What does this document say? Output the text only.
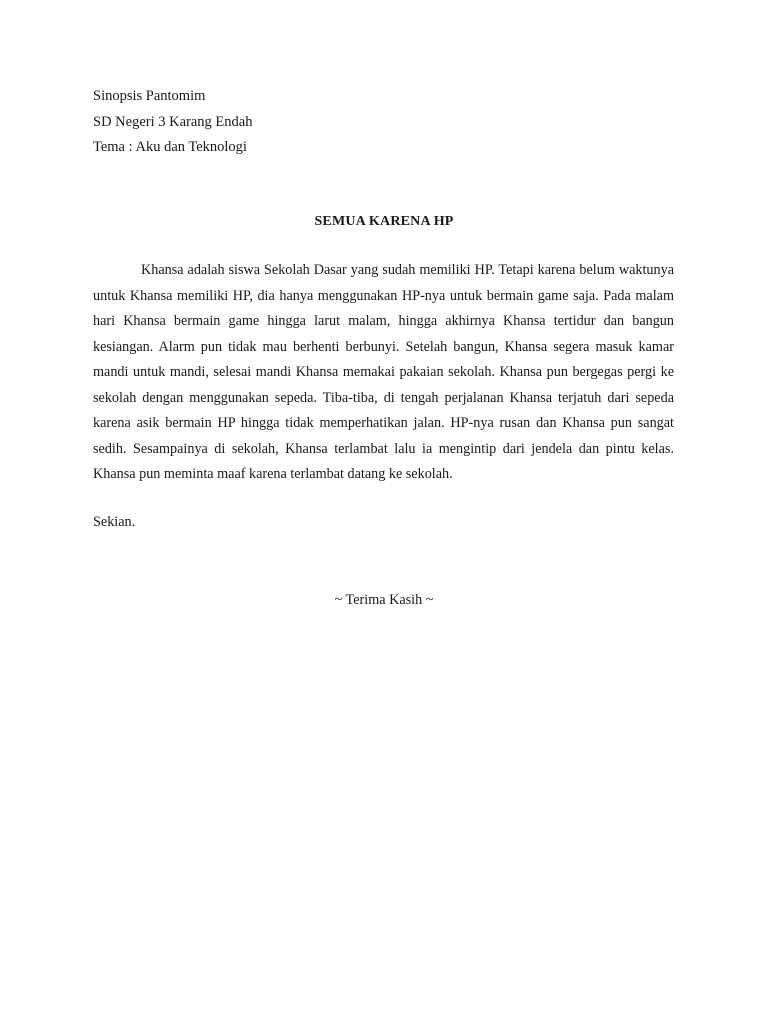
Sinopsis Pantomim
SD Negeri 3 Karang Endah
Tema : Aku dan Teknologi
SEMUA KARENA HP

Khansa adalah siswa Sekolah Dasar yang sudah memiliki HP. Tetapi karena belum waktunya untuk Khansa memiliki HP, dia hanya menggunakan HP-nya untuk bermain game saja. Pada malam hari Khansa bermain game hingga larut malam, hingga akhirnya Khansa tertidur dan bangun kesiangan. Alarm pun tidak mau berhenti berbunyi. Setelah bangun, Khansa segera masuk kamar mandi untuk mandi, selesai mandi Khansa memakai pakaian sekolah. Khansa pun bergegas pergi ke sekolah dengan menggunakan sepeda. Tiba-tiba, di tengah perjalanan Khansa terjatuh dari sepeda karena asik bermain HP hingga tidak memperhatikan jalan. HP-nya rusan dan Khansa pun sangat sedih. Sesampainya di sekolah, Khansa terlambat lalu ia mengintip dari jendela dan pintu kelas. Khansa pun meminta maaf karena terlambat datang ke sekolah.

Sekian.
~ Terima Kasih ~
